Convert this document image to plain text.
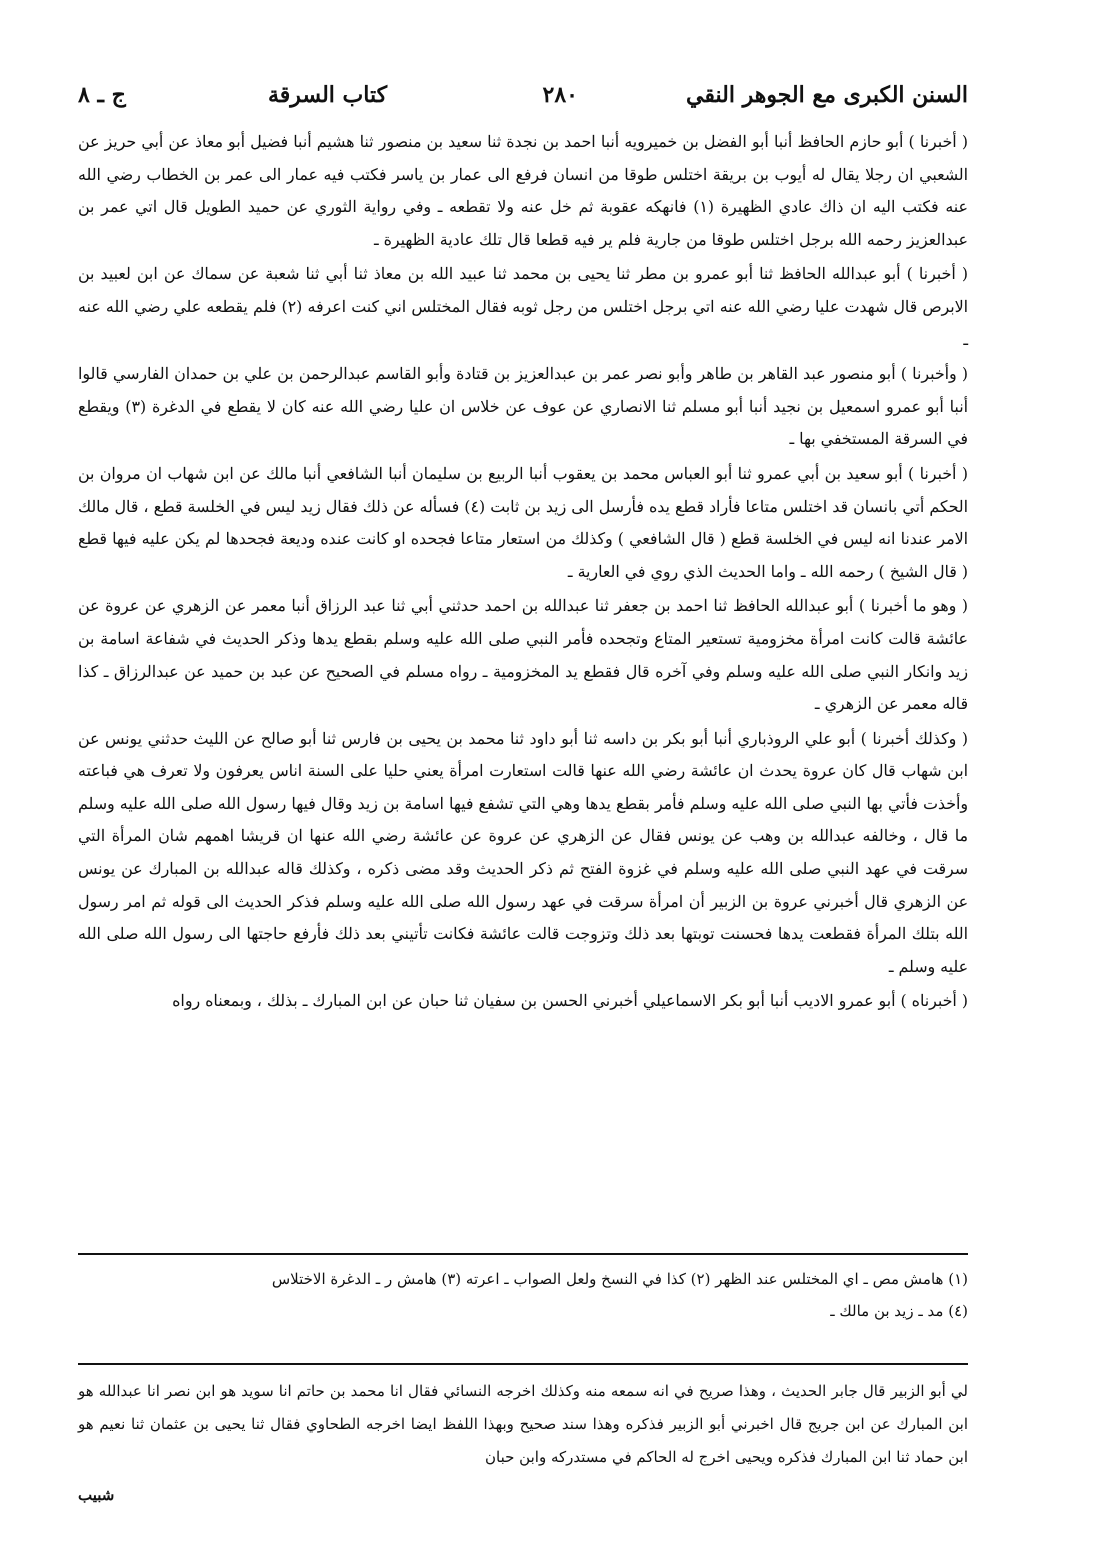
السنن الكبرى مع الجوهر النقي
٢٨٠
كتاب السرقة
ج ـ ٨

( أخبرنا ) أبو حازم الحافظ أنبا أبو الفضل بن خميرويه أنبا احمد بن نجدة ثنا سعيد بن منصور ثنا هشيم أنبا فضيل أبو معاذ عن أبي حريز عن الشعبي ان رجلا يقال له أيوب بن بريقة اختلس طوقا من انسان فرفع الى عمار بن ياسر فكتب فيه عمار الى عمر بن الخطاب رضي الله عنه فكتب اليه ان ذاك عادي الظهيرة (١) فانهكه عقوبة ثم خل عنه ولا تقطعه ـ وفي رواية الثوري عن حميد الطويل قال اتي عمر بن عبدالعزيز رحمه الله برجل اختلس طوقا من جارية فلم ير فيه قطعا قال تلك عادية الظهيرة ـ

( أخبرنا ) أبو عبدالله الحافظ ثنا أبو عمرو بن مطر ثنا يحيى بن محمد ثنا عبيد الله بن معاذ ثنا أبي ثنا شعبة عن سماك عن ابن لعبيد بن الابرص قال شهدت عليا رضي الله عنه اتي برجل اختلس من رجل ثوبه فقال المختلس اني كنت اعرفه (٢) فلم يقطعه علي رضي الله عنه ـ

( وأخبرنا ) أبو منصور عبد القاهر بن طاهر وأبو نصر عمر بن عبدالعزيز بن قتادة وأبو القاسم عبدالرحمن بن علي بن حمدان الفارسي قالوا أنبا أبو عمرو اسمعيل بن نجيد أنبا أبو مسلم ثنا الانصاري عن عوف عن خلاس ان عليا رضي الله عنه كان لا يقطع في الدغرة (٣) ويقطع في السرقة المستخفي بها ـ

( أخبرنا ) أبو سعيد بن أبي عمرو ثنا أبو العباس محمد بن يعقوب أنبا الربيع بن سليمان أنبا الشافعي أنبا مالك عن ابن شهاب ان مروان بن الحكم أتي بانسان قد اختلس متاعا فأراد قطع يده فأرسل الى زيد بن ثابت (٤) فسأله عن ذلك فقال زيد ليس في الخلسة قطع ، قال مالك الامر عندنا انه ليس في الخلسة قطع ( قال الشافعي ) وكذلك من استعار متاعا فجحده او كانت عنده وديعة فجحدها لم يكن عليه فيها قطع ( قال الشيخ ) رحمه الله ـ واما الحديث الذي روي في العارية ـ

( وهو ما أخبرنا ) أبو عبدالله الحافظ ثنا احمد بن جعفر ثنا عبدالله بن احمد حدثني أبي ثنا عبد الرزاق أنبا معمر عن الزهري عن عروة عن عائشة قالت كانت امرأة مخزومية تستعير المتاع وتجحده فأمر النبي صلى الله عليه وسلم بقطع يدها وذكر الحديث في شفاعة اسامة بن زيد وانكار النبي صلى الله عليه وسلم وفي آخره قال فقطع يد المخزومية ـ رواه مسلم في الصحيح عن عبد بن حميد عن عبدالرزاق ـ كذا قاله معمر عن الزهري ـ

( وكذلك أخبرنا ) أبو علي الروذباري أنبا أبو بكر بن داسه ثنا أبو داود ثنا محمد بن يحيى بن فارس ثنا أبو صالح عن الليث حدثني يونس عن ابن شهاب قال كان عروة يحدث ان عائشة رضي الله عنها قالت استعارت امرأة يعني حليا على السنة اناس يعرفون ولا تعرف هي فباعته وأخذت فأتي بها النبي صلى الله عليه وسلم فأمر بقطع يدها وهي التي تشفع فيها اسامة بن زيد وقال فيها رسول الله صلى الله عليه وسلم ما قال ، وخالفه عبدالله بن وهب عن يونس فقال عن الزهري عن عروة عن عائشة رضي الله عنها ان قريشا اهمهم شان المرأة التي سرقت في عهد النبي صلى الله عليه وسلم في غزوة الفتح ثم ذكر الحديث وقد مضى ذكره ، وكذلك قاله عبدالله بن المبارك عن يونس عن الزهري قال أخبرني عروة بن الزبير أن امرأة سرقت في عهد رسول الله صلى الله عليه وسلم فذكر الحديث الى قوله ثم امر رسول الله بتلك المرأة فقطعت يدها فحسنت توبتها بعد ذلك وتزوجت قالت عائشة فكانت تأتيني بعد ذلك فأرفع حاجتها الى رسول الله صلى الله عليه وسلم ـ

( أخبرناه ) أبو عمرو الاديب أنبا أبو بكر الاسماعيلي أخبرني الحسن بن سفيان ثنا حبان عن ابن المبارك ـ بذلك ، وبمعناه رواه

(١) هامش مص ـ اي المختلس عند الظهر (٢) كذا في النسخ ولعل الصواب ـ اعرته (٣) هامش ر ـ الدغرة الاختلاس

(٤) مد ـ زيد بن مالك ـ

لي أبو الزبير قال جابر الحديث ، وهذا صريح في انه سمعه منه وكذلك اخرجه النسائي فقال انا محمد بن حاتم انا سويد هو ابن نصر انا عبدالله هو ابن المبارك عن ابن جريج قال اخبرني أبو الزبير فذكره وهذا سند صحيح وبهذا اللفظ ايضا اخرجه الطحاوي فقال ثنا يحيى بن عثمان ثنا نعيم هو ابن حماد ثنا ابن المبارك فذكره ويحيى اخرج له الحاكم في مستدركه وابن حبان

شبيب
